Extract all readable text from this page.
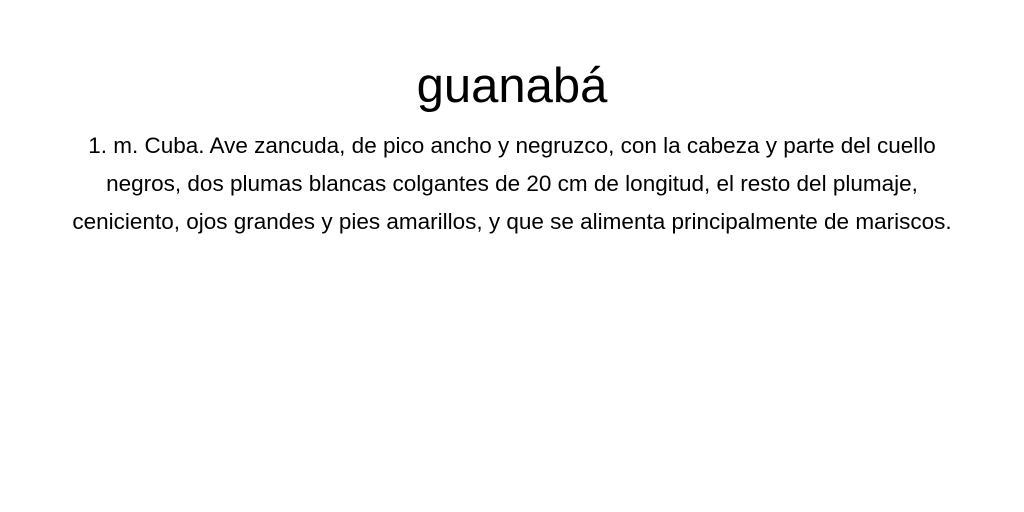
guanabá

1. m. Cuba. Ave zancuda, de pico ancho y negruzco, con la cabeza y parte del cuello negros, dos plumas blancas colgantes de 20 cm de longitud, el resto del plumaje, ceniciento, ojos grandes y pies amarillos, y que se alimenta principalmente de mariscos.
